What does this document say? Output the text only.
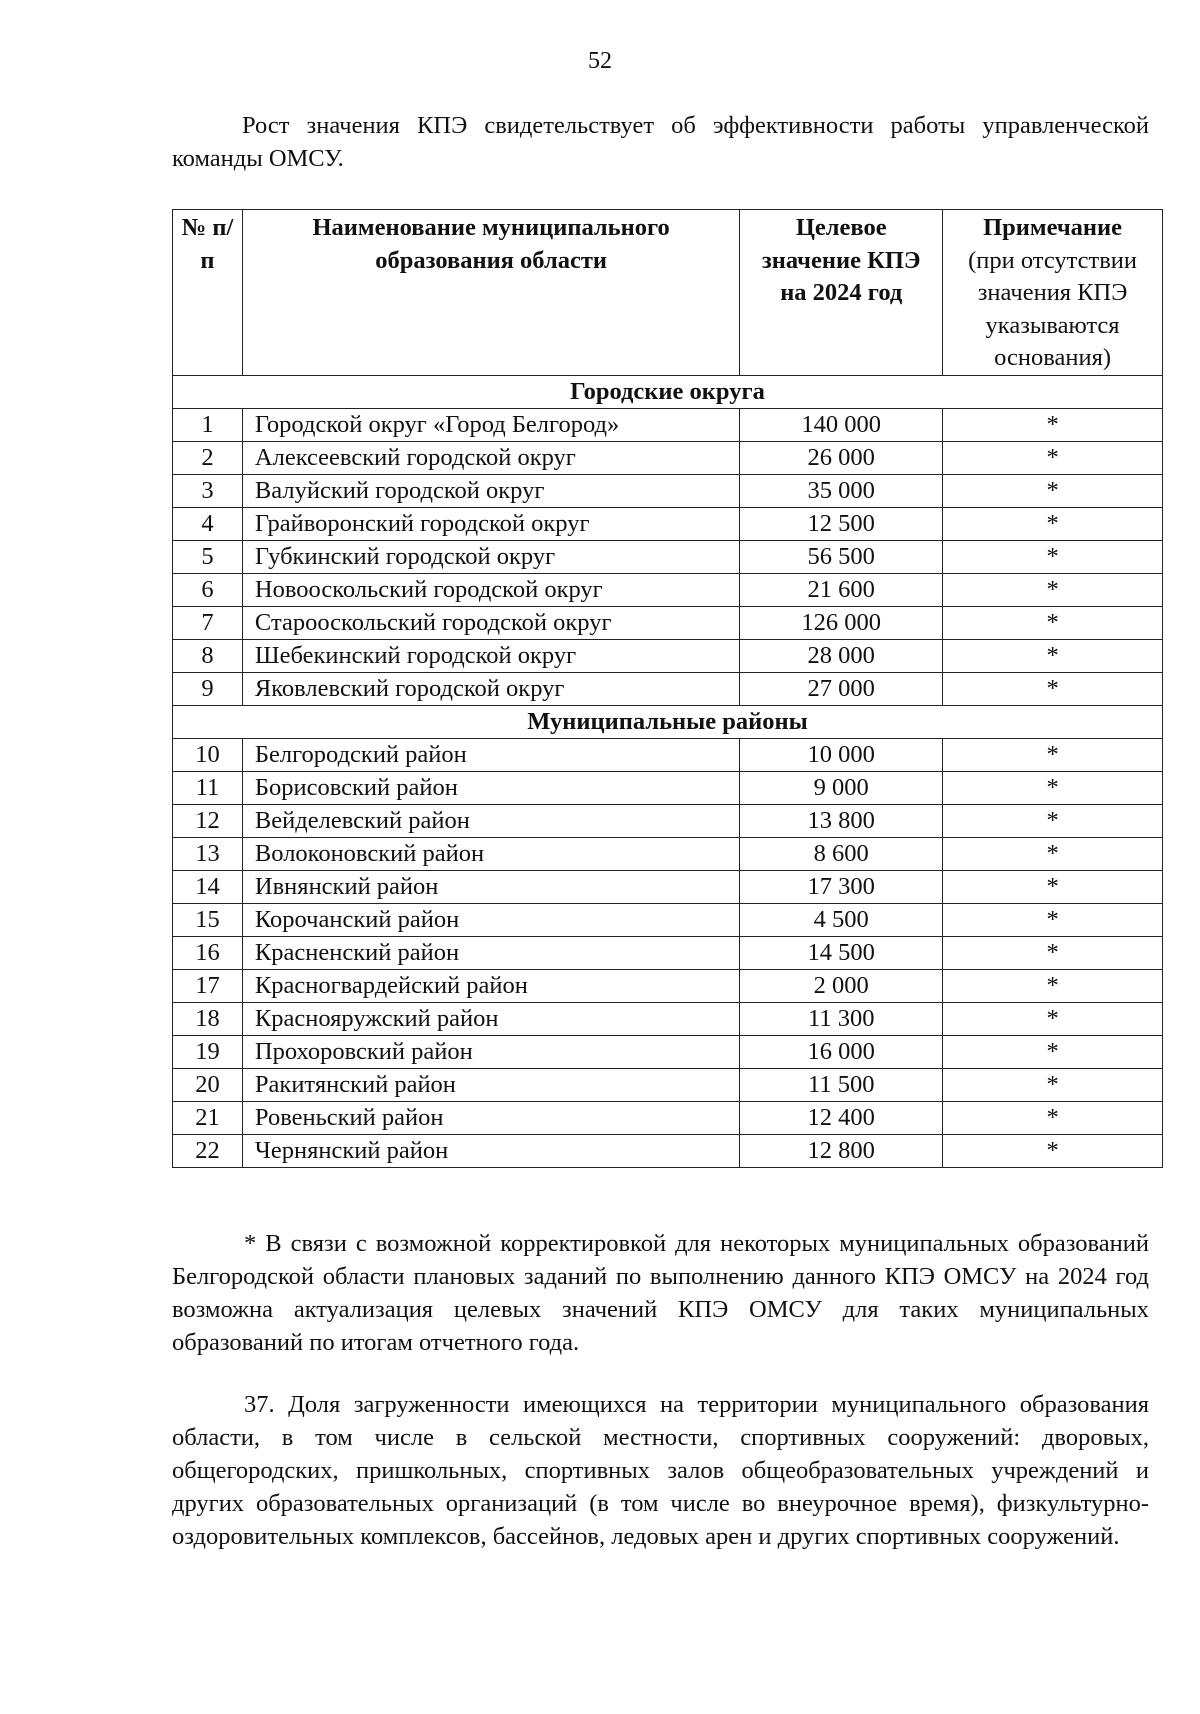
52

Рост значения КПЭ свидетельствует об эффективности работы управленческой команды ОМСУ.

№ п/п	Наименование муниципального образования области	Целевое значение КПЭ на 2024 год	Примечание
(при отсутствии значения КПЭ указываются основания)

Городские округа			
1	Городской округ «Город Белгород»	140 000	*
2	Алексеевский городской округ	26 000	*
3	Валуйский городской округ	35 000	*
4	Грайворонский городской округ	12 500	*
5	Губкинский городской округ	56 500	*
6	Новооскольский городской округ	21 600	*
7	Старооскольский городской округ	126 000	*
8	Шебекинский городской округ	28 000	*
9	Яковлевский городской округ	27 000	*
Муниципальные районы			
10	Белгородский район	10 000	*
11	Борисовский район	9 000	*
12	Вейделевский район	13 800	*
13	Волоконовский район	8 600	*
14	Ивнянский район	17 300	*
15	Корочанский район	4 500	*
16	Красненский район	14 500	*
17	Красногвардейский район	2 000	*
18	Краснояружский район	11 300	*
19	Прохоровский район	16 000	*
20	Ракитянский район	11 500	*
21	Ровеньский район	12 400	*
22	Чернянский район	12 800	*

* В связи с возможной корректировкой для некоторых муниципальных образований Белгородской области плановых заданий по выполнению данного КПЭ ОМСУ на 2024 год возможна актуализация целевых значений КПЭ ОМСУ для таких муниципальных образований по итогам отчетного года.

37. Доля загруженности имеющихся на территории муниципального образования области, в том числе в сельской местности, спортивных сооружений: дворовых, общегородских, пришкольных, спортивных залов общеобразовательных учреждений и других образовательных организаций (в том числе во внеурочное время), физкультурно-оздоровительных комплексов, бассейнов, ледовых арен и других спортивных сооружений.
